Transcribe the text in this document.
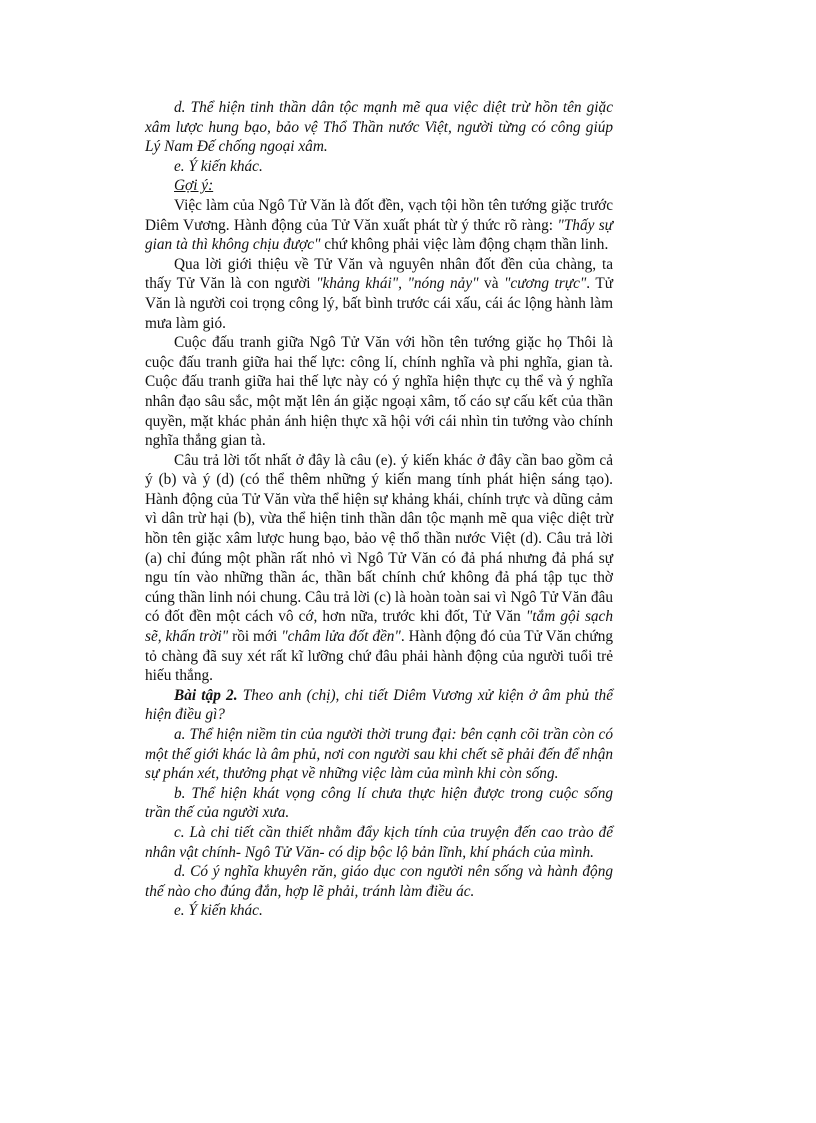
d. Thể hiện tinh thần dân tộc mạnh mẽ qua việc diệt trừ hồn tên giặc xâm lược hung bạo, bảo vệ Thổ Thần nước Việt, người từng có công giúp Lý Nam Đế chống ngoại xâm.

e. Ý kiến khác.

Gợi ý:

Việc làm của Ngô Tử Văn là đốt đền, vạch tội hồn tên tướng giặc trước Diêm Vương. Hành động của Tử Văn xuất phát từ ý thức rõ ràng: "Thấy sự gian tà thì không chịu được" chứ không phải việc làm động chạm thần linh.

Qua lời giới thiệu về Tử Văn và nguyên nhân đốt đền của chàng, ta thấy Tử Văn là con người "khảng khái", "nóng nảy" và "cương trực". Tử Văn là người coi trọng công lý, bất bình trước cái xấu, cái ác lộng hành làm mưa làm gió.

Cuộc đấu tranh giữa Ngô Tử Văn với hồn tên tướng giặc họ Thôi là cuộc đấu tranh giữa hai thế lực: công lí, chính nghĩa và phi nghĩa, gian tà. Cuộc đấu tranh giữa hai thế lực này có ý nghĩa hiện thực cụ thể và ý nghĩa nhân đạo sâu sắc, một mặt lên án giặc ngoại xâm, tố cáo sự cấu kết của thần quyền, mặt khác phản ánh hiện thực xã hội với cái nhìn tin tưởng vào chính nghĩa thắng gian tà.

Câu trả lời tốt nhất ở đây là câu (e). ý kiến khác ở đây cần bao gồm cả ý (b) và ý (d) (có thể thêm những ý kiến mang tính phát hiện sáng tạo). Hành động của Tử Văn vừa thể hiện sự khảng khái, chính trực và dũng cảm vì dân trừ hại (b), vừa thể hiện tinh thần dân tộc mạnh mẽ qua việc diệt trừ hồn tên giặc xâm lược hung bạo, bảo vệ thổ thần nước Việt (d). Câu trả lời (a) chỉ đúng một phần rất nhỏ vì Ngô Tử Văn có đả phá nhưng đả phá sự ngu tín vào những thần ác, thần bất chính chứ không đả phá tập tục thờ cúng thần linh nói chung. Câu trả lời (c) là hoàn toàn sai vì Ngô Tử Văn đâu có đốt đền một cách vô cớ, hơn nữa, trước khi đốt, Tử Văn "tắm gội sạch sẽ, khấn trời" rồi mới "châm lửa đốt đền". Hành động đó của Tử Văn chứng tỏ chàng đã suy xét rất kĩ lưỡng chứ đâu phải hành động của người tuổi trẻ hiếu thắng.

Bài tập 2. Theo anh (chị), chi tiết Diêm Vương xử kiện ở âm phủ thể hiện điều gì?

a. Thể hiện niềm tin của người thời trung đại: bên cạnh cõi trần còn có một thế giới khác là âm phủ, nơi con người sau khi chết sẽ phải đến để nhận sự phán xét, thưởng phạt về những việc làm của mình khi còn sống.

b. Thể hiện khát vọng công lí chưa thực hiện được trong cuộc sống trần thế của người xưa.

c. Là chi tiết cần thiết nhằm đẩy kịch tính của truyện đến cao trào để nhân vật chính- Ngô Tử Văn- có dịp bộc lộ bản lĩnh, khí phách của mình.

d. Có ý nghĩa khuyên răn, giáo dục con người nên sống và hành động thế nào cho đúng đắn, hợp lẽ phải, tránh làm điều ác.

e. Ý kiến khác.
